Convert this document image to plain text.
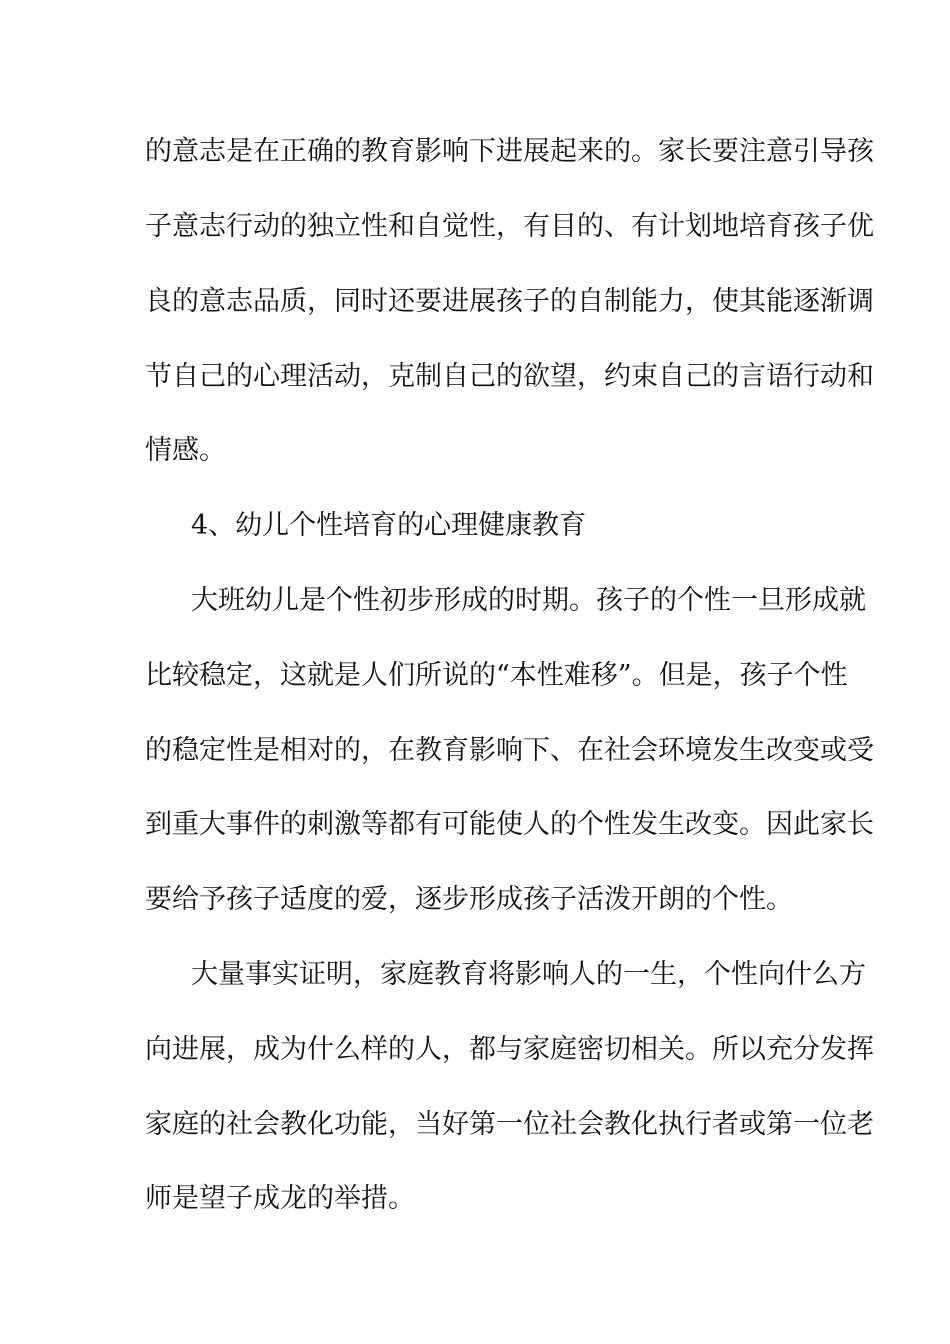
的意志是在正确的教育影响下进展起来的。家长要注意引导孩

子意志行动的独立性和自觉性，有目的、有计划地培育孩子优

良的意志品质，同时还要进展孩子的自制能力，使其能逐渐调

节自己的心理活动，克制自己的欲望，约束自己的言语行动和

情感。

4、幼儿个性培育的心理健康教育

大班幼儿是个性初步形成的时期。孩子的个性一旦形成就

比较稳定，这就是人们所说的“本性难移”。但是，孩子个性

的稳定性是相对的，在教育影响下、在社会环境发生改变或受

到重大事件的刺激等都有可能使人的个性发生改变。因此家长

要给予孩子适度的爱，逐步形成孩子活泼开朗的个性。

大量事实证明，家庭教育将影响人的一生，个性向什么方

向进展，成为什么样的人，都与家庭密切相关。所以充分发挥

家庭的社会教化功能，当好第一位社会教化执行者或第一位老

师是望子成龙的举措。
